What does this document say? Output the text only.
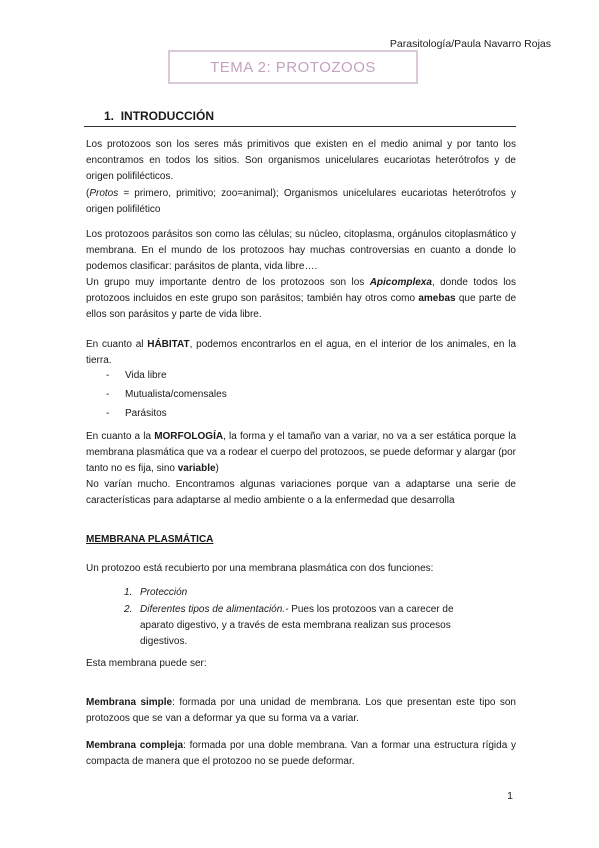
Parasitología/Paula Navarro Rojas
TEMA 2: PROTOZOOS
1. INTRODUCCIÓN

Los protozoos son los seres más primitivos que existen en el medio animal y por tanto los encontramos en todos los sitios. Son organismos unicelulares eucariotas heterótrofos y de origen polifilécticos.

(Protos = primero, primitivo; zoo=animal); Organismos unicelulares eucariotas heterótrofos y origen polifilético

Los protozoos parásitos son como las células; su núcleo, citoplasma, orgánulos citoplasmático y membrana. En el mundo de los protozoos hay muchas controversias en cuanto a donde lo podemos clasificar: parásitos de planta, vida libre….

Un grupo muy importante dentro de los protozoos son los Apicomplexa, donde todos los protozoos incluidos en este grupo son parásitos; también hay otros como amebas que parte de ellos son parásitos y parte de vida libre.

En cuanto al HÁBITAT, podemos encontrarlos en el agua, en el interior de los animales, en la tierra.

- Vida libre
- Mutualista/comensales
- Parásitos

En cuanto a la MORFOLOGÍA, la forma y el tamaño van a variar, no va a ser estática porque la membrana plasmática que va a rodear el cuerpo del protozoos, se puede deformar y alargar (por tanto no es fija, sino variable)

No varían mucho. Encontramos algunas variaciones porque van a adaptarse una serie de características para adaptarse al medio ambiente o a la enfermedad que desarrolla

MEMBRANA PLASMÁTICA

Un protozoo está recubierto por una membrana plasmática con dos funciones:

1. Protección
2. Diferentes tipos de alimentación.- Pues los protozoos van a carecer de aparato digestivo, y a través de esta membrana realizan sus procesos digestivos.

Esta membrana puede ser:

Membrana simple: formada por una unidad de membrana. Los que presentan este tipo son protozoos que se van a deformar ya que su forma va a variar.

Membrana compleja: formada por una doble membrana. Van a formar una estructura rígida y compacta de manera que el protozoo no se puede deformar.

1
